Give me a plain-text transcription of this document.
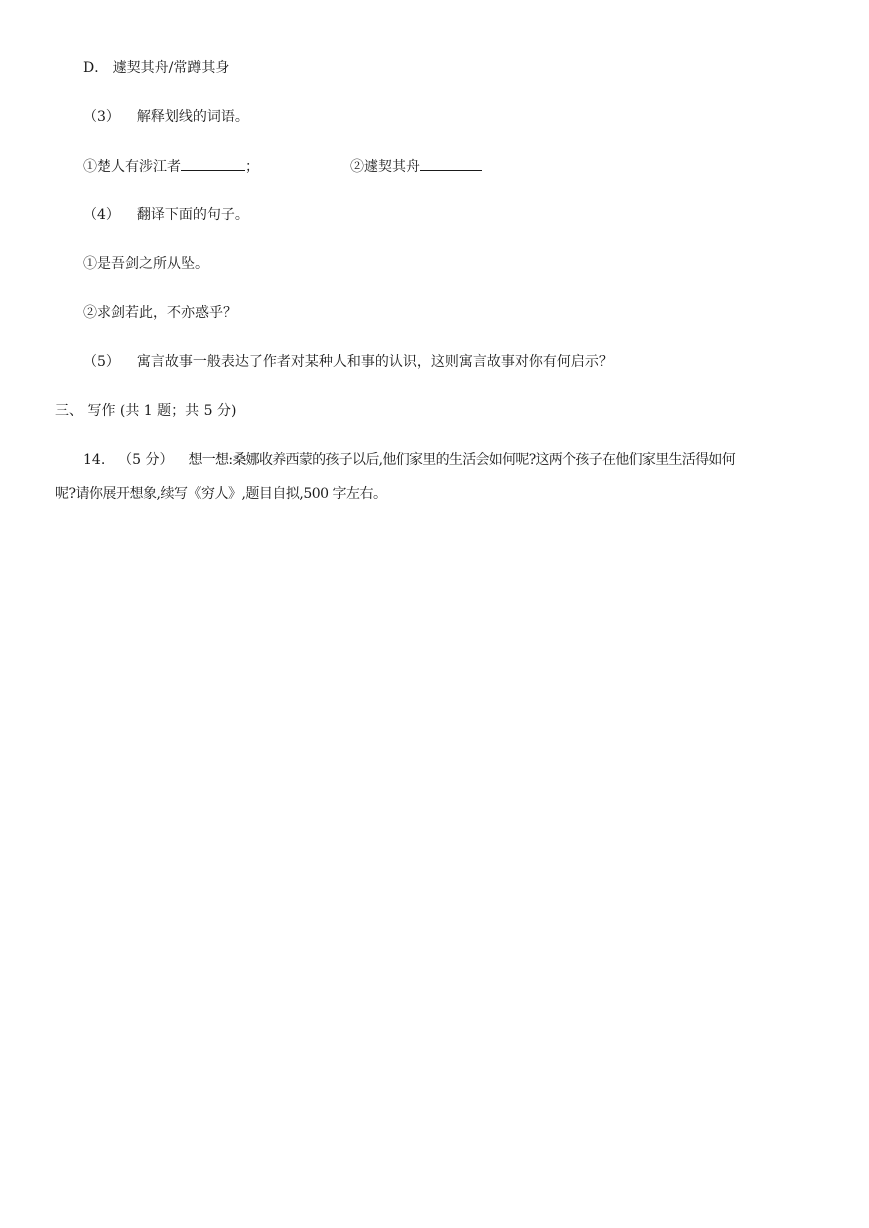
D． 遽契其舟/常蹲其身
（3） 解释划线的词语。
①楚人有涉江者	；	②遽契其舟
（4） 翻译下面的句子。
①是吾剑之所从坠。
②求剑若此，不亦惑乎？
（5） 寓言故事一般表达了作者对某种人和事的认识，这则寓言故事对你有何启示？
三、 写作 (共 1 题；共 5 分)
14. （5 分） 想一想:桑娜收养西蒙的孩子以后,他们家里的生活会如何呢?这两个孩子在他们家里生活得如何
呢?请你展开想象,续写《穷人》,题目自拟,500 字左右。
